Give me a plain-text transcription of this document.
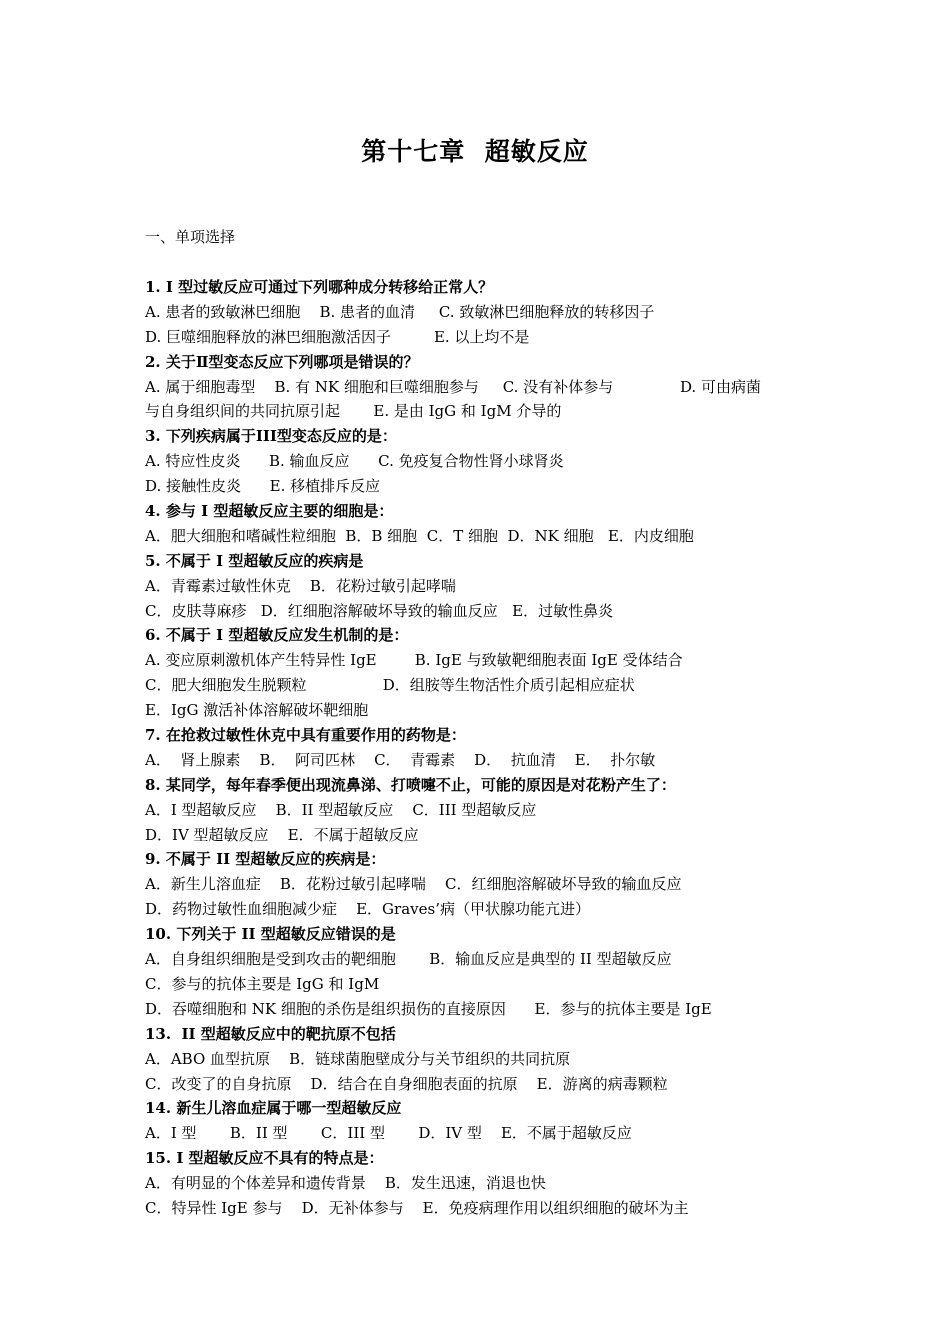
第十七章  超敏反应
一、单项选择
1. I 型过敏反应可通过下列哪种成分转移给正常人？
A. 患者的致敏淋巴细胞    B. 患者的血清     C. 致敏淋巴细胞释放的转移因子
D. 巨噬细胞释放的淋巴细胞激活因子         E. 以上均不是
2. 关于Ⅱ型变态反应下列哪项是错误的？
A. 属于细胞毒型    B. 有 NK 细胞和巨噬细胞参与     C. 没有补体参与              D. 可由病菌
与自身组织间的共同抗原引起       E. 是由 IgG 和 IgM 介导的
3. 下列疾病属于III型变态反应的是：
A. 特应性皮炎      B. 输血反应      C. 免疫复合物性肾小球肾炎
D. 接触性皮炎      E. 移植排斥反应
4. 参与 I 型超敏反应主要的细胞是：
A．肥大细胞和嗜碱性粒细胞  B．B 细胞  C．T 细胞  D．NK 细胞   E．内皮细胞
5. 不属于 I 型超敏反应的疾病是
A．青霉素过敏性休克    B．花粉过敏引起哮喘
C．皮肤荨麻疹   D．红细胞溶解破坏导致的输血反应   E．过敏性鼻炎
6. 不属于 I 型超敏反应发生机制的是：
A. 变应原刺激机体产生特异性 IgE        B. IgE 与致敏靶细胞表面 IgE 受体结合
C．肥大细胞发生脱颗粒                D．组胺等生物活性介质引起相应症状
E．IgG 激活补体溶解破坏靶细胞
7. 在抢救过敏性休克中具有重要作用的药物是：
A．  肾上腺素    B．  阿司匹林    C．  青霉素    D．  抗血清    E．  扑尔敏
8. 某同学，每年春季便出现流鼻涕、打喷嚏不止，可能的原因是对花粉产生了：
A．I 型超敏反应    B．II 型超敏反应    C．III 型超敏反应
D．IV 型超敏反应    E．不属于超敏反应
9. 不属于 II 型超敏反应的疾病是：
A．新生儿溶血症    B．花粉过敏引起哮喘    C．红细胞溶解破坏导致的输血反应
D．药物过敏性血细胞减少症    E．Graves’病（甲状腺功能亢进）
10. 下列关于 II 型超敏反应错误的是
A．自身组织细胞是受到攻击的靶细胞       B．输血反应是典型的 II 型超敏反应
C．参与的抗体主要是 IgG 和 IgM
D．吞噬细胞和 NK 细胞的杀伤是组织损伤的直接原因      E．参与的抗体主要是 IgE
13.  II 型超敏反应中的靶抗原不包括
A．ABO 血型抗原    B．链球菌胞壁成分与关节组织的共同抗原
C．改变了的自身抗原    D．结合在自身细胞表面的抗原    E．游离的病毒颗粒
14. 新生儿溶血症属于哪一型超敏反应
A．I 型       B．II 型       C．III 型       D．IV 型    E．不属于超敏反应
15. Ⅰ 型超敏反应不具有的特点是：
A．有明显的个体差异和遗传背景    B．发生迅速，消退也快
C．特异性 IgE 参与    D．无补体参与    E．免疫病理作用以组织细胞的破坏为主
